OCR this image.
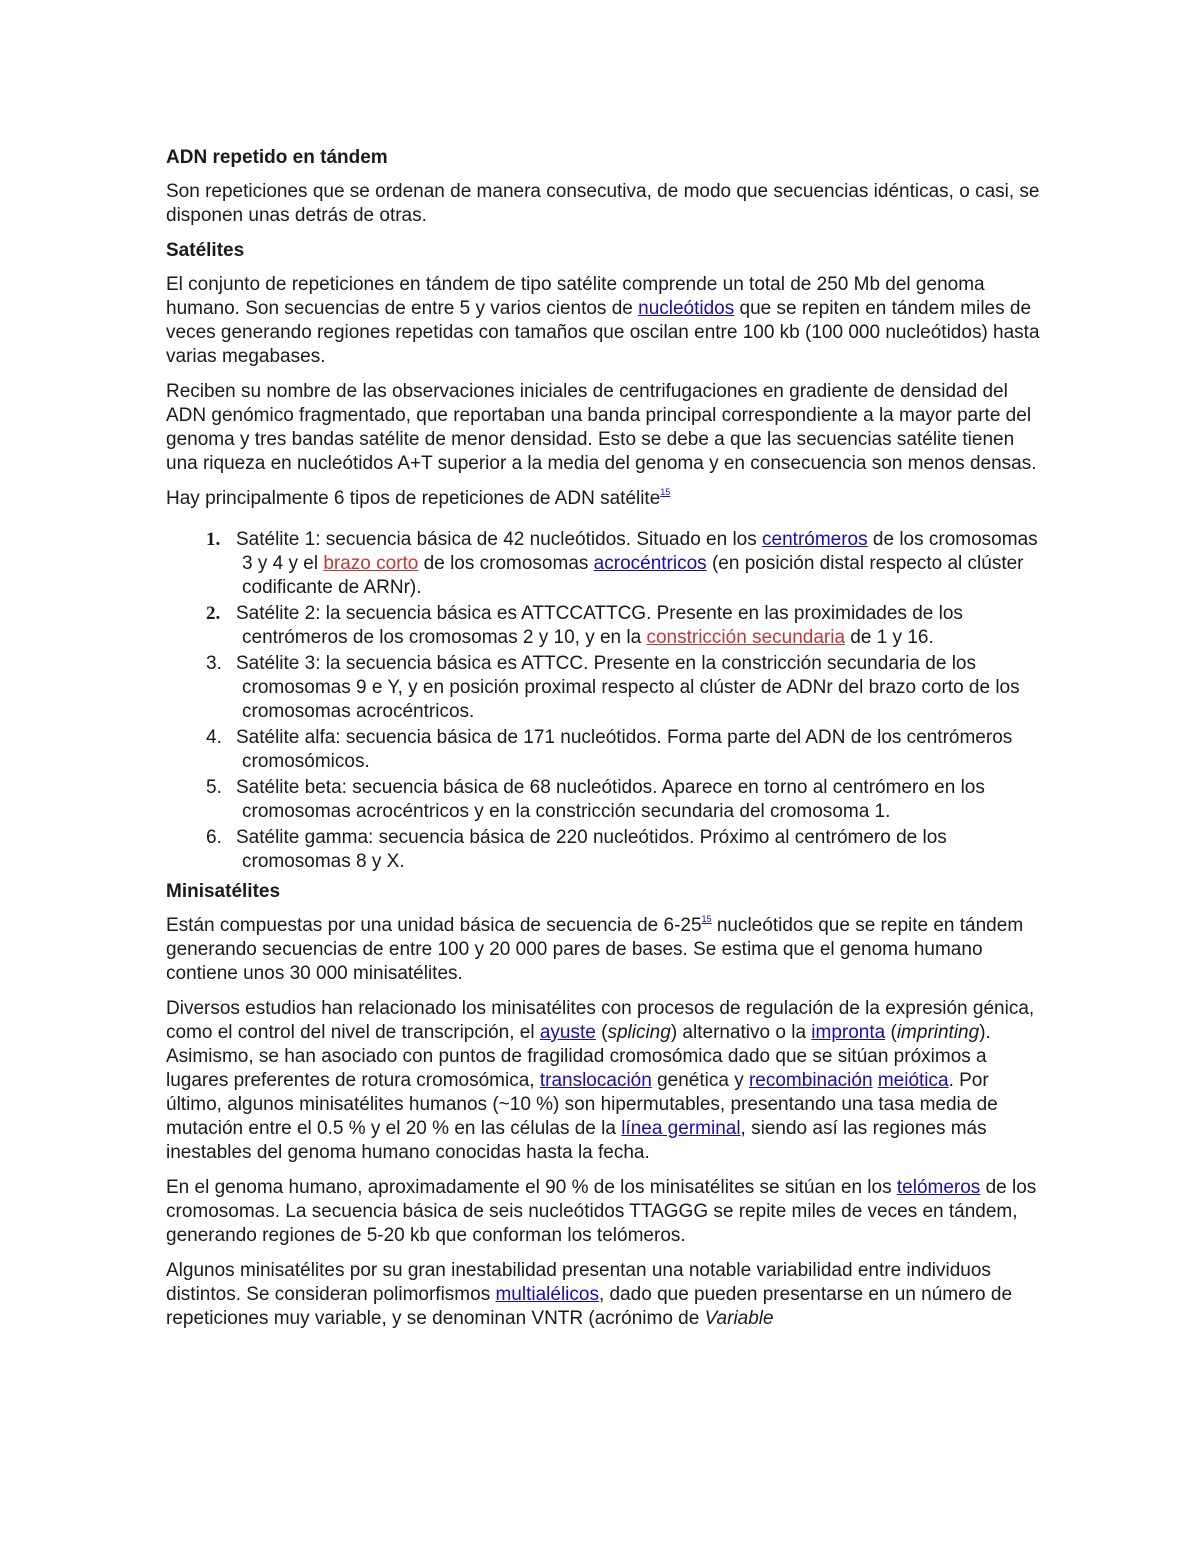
ADN repetido en tándem

Son repeticiones que se ordenan de manera consecutiva, de modo que secuencias idénticas, o casi, se disponen unas detrás de otras.

Satélites

El conjunto de repeticiones en tándem de tipo satélite comprende un total de 250 Mb del genoma humano. Son secuencias de entre 5 y varios cientos de nucleótidos que se repiten en tándem miles de veces generando regiones repetidas con tamaños que oscilan entre 100 kb (100 000 nucleótidos) hasta varias megabases.

Reciben su nombre de las observaciones iniciales de centrifugaciones en gradiente de densidad del ADN genómico fragmentado, que reportaban una banda principal correspondiente a la mayor parte del genoma y tres bandas satélite de menor densidad. Esto se debe a que las secuencias satélite tienen una riqueza en nucleótidos A+T superior a la media del genoma y en consecuencia son menos densas.

Hay principalmente 6 tipos de repeticiones de ADN satélite$^{15}$

1. Satélite 1: secuencia básica de 42 nucleótidos. Situado en los centrómeros de los cromosomas 3 y 4 y el brazo corto de los cromosomas acrocéntricos (en posición distal respecto al clúster codificante de ARNr).
2. Satélite 2: la secuencia básica es ATTCCATTCG. Presente en las proximidades de los centrómeros de los cromosomas 2 y 10, y en la constricción secundaria de 1 y 16.
3. Satélite 3: la secuencia básica es ATTCC. Presente en la constricción secundaria de los cromosomas 9 e Y, y en posición proximal respecto al clúster de ADNr del brazo corto de los cromosomas acrocéntricos.
4. Satélite alfa: secuencia básica de 171 nucleótidos. Forma parte del ADN de los centrómeros cromosómicos.
5. Satélite beta: secuencia básica de 68 nucleótidos. Aparece en torno al centrómero en los cromosomas acrocéntricos y en la constricción secundaria del cromosoma 1.
6. Satélite gamma: secuencia básica de 220 nucleótidos. Próximo al centrómero de los cromosomas 8 y X.
Minisatélites

Están compuestas por una unidad básica de secuencia de $6-25^{15}$ nucleótidos que se repite en tándem generando secuencias de entre 100 y 20 000 pares de bases. Se estima que el genoma humano contiene unos 30 000 minisatélites.

Diversos estudios han relacionado los minisatélites con procesos de regulación de la expresión génica, como el control del nivel de transcripción, el ayuste (splicing) alternativo o la impronta (imprinting). Asimismo, se han asociado con puntos de fragilidad cromosómica dado que se sitúan próximos a lugares preferentes de rotura cromosómica, translocación genética y recombinación meiótica. Por último, algunos minisatélites humanos (~10 %) son hipermutables, presentando una tasa media de mutación entre el 0.5 % y el 20 % en las células de la línea germinal, siendo así las regiones más inestables del genoma humano conocidas hasta la fecha.

En el genoma humano, aproximadamente el 90 % de los minisatélites se sitúan en los telómeros de los cromosomas. La secuencia básica de seis nucleótidos TTAGGG se repite miles de veces en tándem, generando regiones de 5-20 kb que conforman los telómeros.

Algunos minisatélites por su gran inestabilidad presentan una notable variabilidad entre individuos distintos. Se consideran polimorfismos multialélicos, dado que pueden presentarse en un número de repeticiones muy variable, y se denominan VNTR (acrónimo de Variable
